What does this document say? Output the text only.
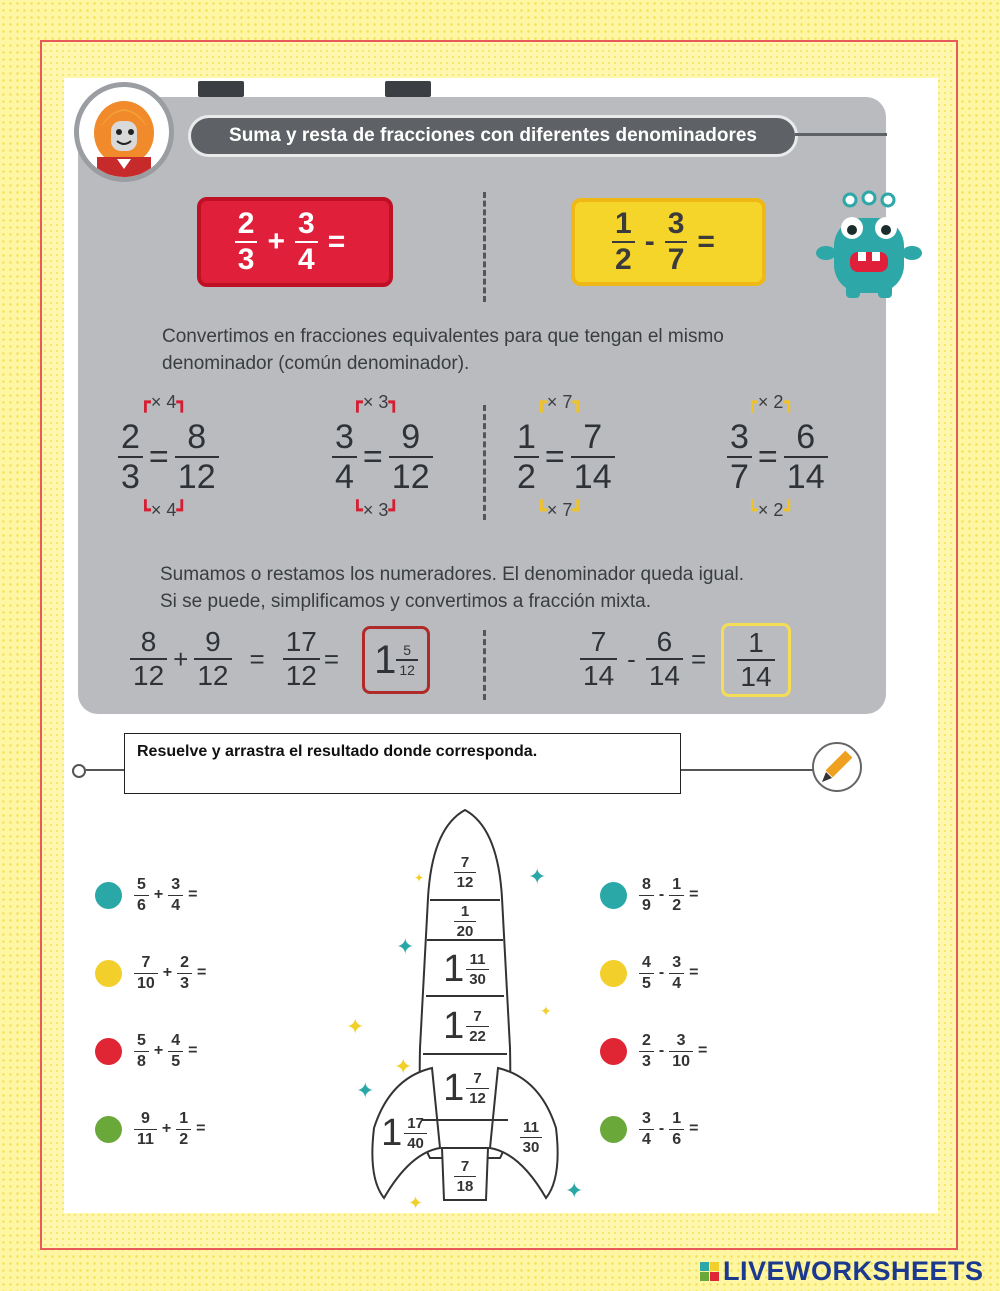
Suma y resta de fracciones con diferentes denominadores
$\frac{2}{3} + \frac{3}{4}$ =	$\frac{1}{2} - \frac{3}{7}$ =
Convertimos en fracciones equivalentes para que tengan el mismo
denominador (común denominador).
┏× 4┓
$\frac{2}{3} = \frac{8}{12}$
┗× 4┛
┏× 3┓
$\frac{3}{4} = \frac{9}{12}$
┗× 3┛
┏× 7┓
$\frac{1}{2} = \frac{7}{14}$
┗× 7┛
┏× 2┓
$\frac{3}{7} = \frac{6}{14}$
┗× 2┛
Sumamos o restamos los numeradores. El denominador queda igual.
Si se puede, simplificamos y convertimos a fracción mixta.
$\frac{8}{12} + \frac{9}{12} = \frac{17}{12} = 1 \frac{5}{12}$	$\frac{7}{14} - \frac{6}{14} = \frac{1}{14}$
Resuelve y arrastra el resultado donde corresponda.
$\frac{5}{6} + \frac{3}{4}$ =
$\frac{7}{10} + \frac{2}{3}$ =
$\frac{5}{8} + \frac{4}{5}$ =
$\frac{9}{11} + \frac{1}{2}$ =
$\frac{8}{9} - \frac{1}{2}$ =
$\frac{4}{5} - \frac{3}{4}$ =
$\frac{2}{3} - \frac{3}{10}$ =
$\frac{3}{4} - \frac{1}{6}$ =
$\frac{7}{12}$
$\frac{1}{20}$
$1 \frac{11}{30}$
$1 \frac{7}{22}$
$1 \frac{7}{12}$
$1 \frac{17}{40}$	$\frac{11}{30}$
$\frac{7}{18}$
✦
✦
✦
✦
✦
✦
✦
✦
✦
LIVEWORKSHEETS
